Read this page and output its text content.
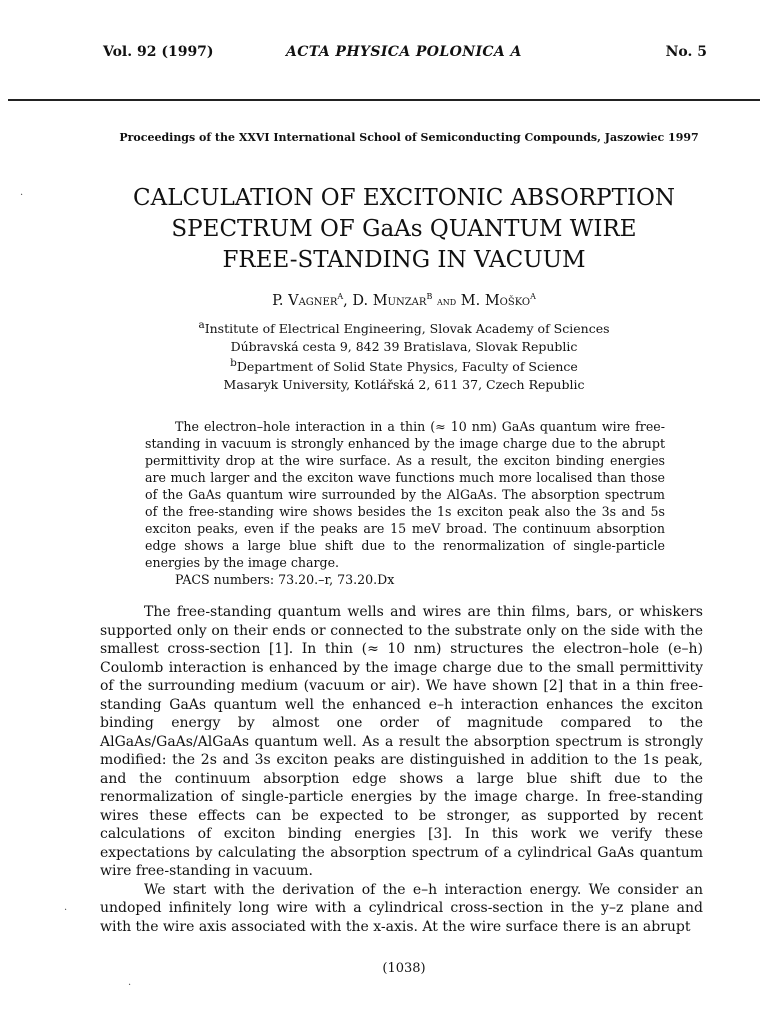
Vol. 92 (1997)	ACTA PHYSICA POLONICA A	No. 5
Proceedings of the XXVI International School of Semiconducting Compounds, Jaszowiec 1997
CALCULATION OF EXCITONIC ABSORPTION
SPECTRUM OF GaAs QUANTUM WIRE
FREE-STANDING IN VACUUM
P. Vagner$^a$, D. Munzar$^b$ and M. Moško$^a$
$^a$Institute of Electrical Engineering, Slovak Academy of Sciences
Dúbravská cesta 9, 842 39 Bratislava, Slovak Republic
$^b$Department of Solid State Physics, Faculty of Science
Masaryk University, Kotlářská 2, 611 37, Czech Republic

The electron–hole interaction in a thin (≈ 10 nm) GaAs quantum wire free-standing in vacuum is strongly enhanced by the image charge due to the abrupt permittivity drop at the wire surface. As a result, the exciton binding energies are much larger and the exciton wave functions much more localised than those of the GaAs quantum wire surrounded by the AlGaAs. The absorption spectrum of the free-standing wire shows besides the 1s exciton peak also the 3s and 5s exciton peaks, even if the peaks are 15 meV broad. The continuum absorption edge shows a large blue shift due to the renormalization of single-particle energies by the image charge.

PACS numbers: 73.20.–r, 73.20.Dx

The free-standing quantum wells and wires are thin films, bars, or whiskers supported only on their ends or connected to the substrate only on the side with the smallest cross-section [1]. In thin (≈ 10 nm) structures the electron–hole (e–h) Coulomb interaction is enhanced by the image charge due to the small permittivity of the surrounding medium (vacuum or air). We have shown [2] that in a thin free-standing GaAs quantum well the enhanced e–h interaction enhances the exciton binding energy by almost one order of magnitude compared to the AlGaAs/GaAs/AlGaAs quantum well. As a result the absorption spectrum is strongly modified: the 2s and 3s exciton peaks are distinguished in addition to the 1s peak, and the continuum absorption edge shows a large blue shift due to the renormalization of single-particle energies by the image charge. In free-standing wires these effects can be expected to be stronger, as supported by recent calculations of exciton binding energies [3]. In this work we verify these expectations by calculating the absorption spectrum of a cylindrical GaAs quantum wire free-standing in vacuum.

We start with the derivation of the e–h interaction energy. We consider an undoped infinitely long wire with a cylindrical cross-section in the y–z plane and with the wire axis associated with the x-axis. At the wire surface there is an abrupt

(1038)
·
·
·
